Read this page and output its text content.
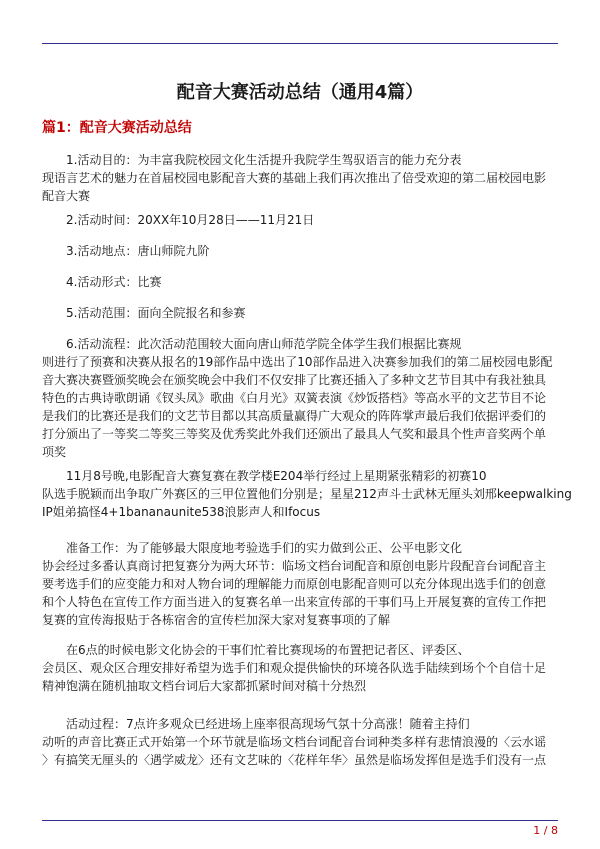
配音大赛活动总结（通用4篇）
篇1：配音大赛活动总结
1.活动目的：为丰富我院校园文化生活提升我院学生驾驭语言的能力充分表
现语言艺术的魅力在首届校园电影配音大赛的基础上我们再次推出了倍受欢迎的第二届校园电影
配音大赛
2.活动时间：20XX年10月28日——11月21日
3.活动地点：唐山师院九阶
4.活动形式：比赛
5.活动范围：面向全院报名和参赛
6.活动流程：此次活动范围较大面向唐山师范学院全体学生我们根据比赛规
则进行了预赛和决赛从报名的19部作品中选出了10部作品进入决赛参加我们的第二届校园电影配
音大赛决赛暨颁奖晚会在颁奖晚会中我们不仅安排了比赛还插入了多种文艺节目其中有我社独具
特色的古典诗歌朗诵《钗头凤》歌曲《白月光》双簧表演《炒饭搭档》等高水平的文艺节目不论
是我们的比赛还是我们的文艺节目都以其高质量赢得广大观众的阵阵掌声最后我们依据评委们的
打分颁出了一等奖二等奖三等奖及优秀奖此外我们还颁出了最具人气奖和最具个性声音奖两个单
项奖
11月8号晚,电影配音大赛复赛在教学楼E204举行经过上星期紧张精彩的初赛10
队选手脱颖而出争取广外赛区的三甲位置他们分别是；星星212声斗士武林无厘头刘邢keepwalking
IP姐弟搞怪4+1bananaunite538浪影声人和Ifocus
准备工作：为了能够最大限度地考验选手们的实力做到公正、公平电影文化
协会经过多番认真商讨把复赛分为两大环节：临场文档台词配音和原创电影片段配音台词配音主
要考选手们的应变能力和对人物台词的理解能力而原创电影配音则可以充分体现出选手们的创意
和个人特色在宣传工作方面当进入的复赛名单一出来宣传部的干事们马上开展复赛的宣传工作把
复赛的宣传海报贴于各栋宿舍的宣传栏加深大家对复赛事项的了解
在6点的时候电影文化协会的干事们忙着比赛现场的布置把记者区、评委区、
会员区、观众区合理安排好希望为选手们和观众提供愉快的环境各队选手陆续到场个个自信十足
精神饱满在随机抽取文档台词后大家都抓紧时间对稿十分热烈
活动过程：7点许多观众已经进场上座率很高现场气氛十分高涨！随着主持们
动听的声音比赛正式开始第一个环节就是临场文档台词配音台词种类多样有悲情浪漫的〈云水谣
〉有搞笑无厘头的〈遇学威龙〉还有文艺味的〈花样年华〉虽然是临场发挥但是选手们没有一点
1 / 8
